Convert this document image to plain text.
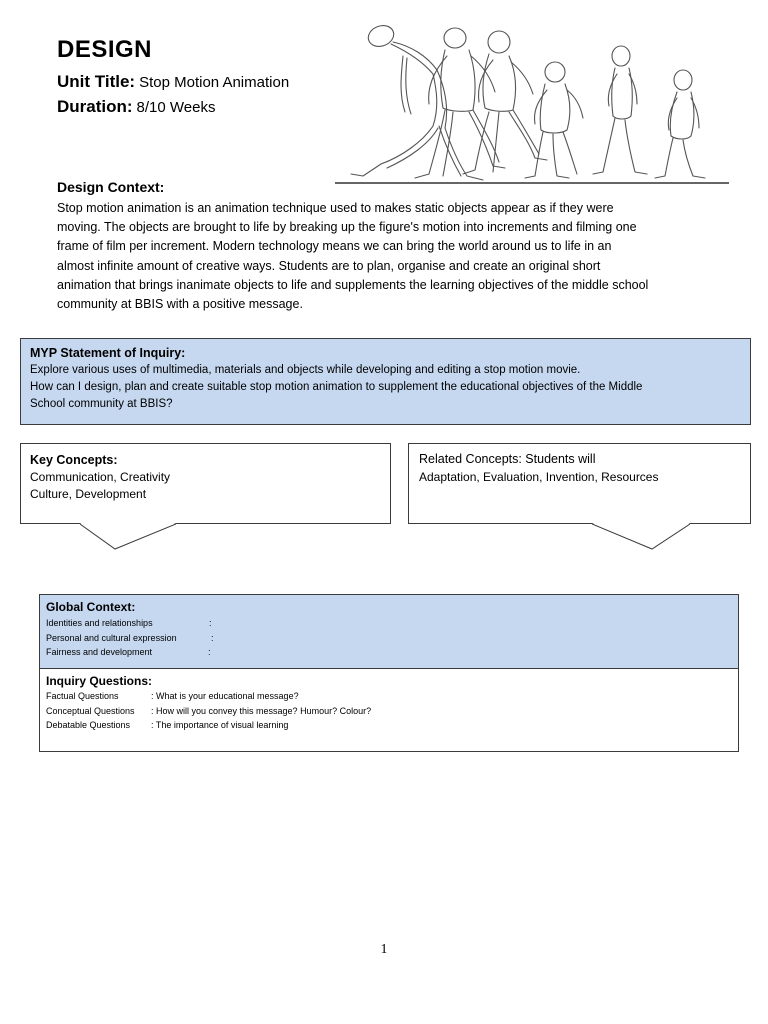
DESIGN
Unit Title: Stop Motion Animation
Duration: 8/10 Weeks
Design Context:
Stop motion animation is an animation technique used to makes static objects appear as if they were
moving. The objects are brought to life by breaking up the figure's motion into increments and filming one
frame of film per increment. Modern technology means we can bring the world around us to life in an
almost infinite amount of creative ways. Students are to plan, organise and create an original short
animation that brings inanimate objects to life and supplements the learning objectives of the middle school
community at BBIS with a positive message.
MYP Statement of Inquiry:
Explore various uses of multimedia, materials and objects while developing and editing a stop motion movie.
How can I design, plan and create suitable stop motion animation to supplement the educational objectives of the Middle
School community at BBIS?
Key Concepts:
Communication, Creativity
Culture, Development
Related Concepts: Students will
Adaptation, Evaluation, Invention, Resources
Global Context:
Identities and relationships	:
Personal and cultural expression	:
Fairness and development	:
Inquiry Questions:
Factual Questions	: What is your educational message?
Conceptual Questions : How will you convey this message? Humour? Colour?
Debatable Questions : The importance of visual learning
1
